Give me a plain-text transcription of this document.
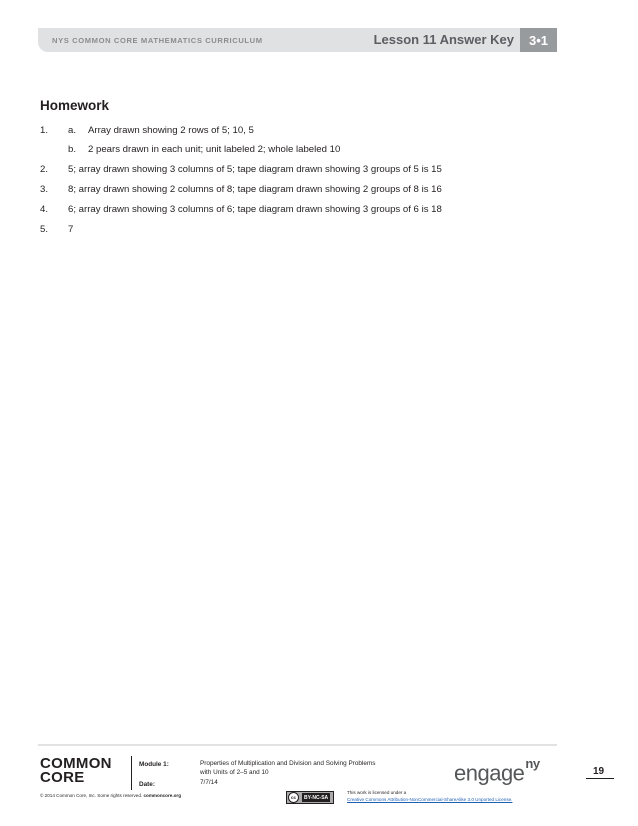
NYS COMMON CORE MATHEMATICS CURRICULUM	Lesson 11 Answer Key	3•1
Homework
1. a. Array drawn showing 2 rows of 5; 10, 5
b. 2 pears drawn in each unit; unit labeled 2; whole labeled 10
2. 5; array drawn showing 3 columns of 5; tape diagram drawn showing 3 groups of 5 is 15
3. 8; array drawn showing 2 columns of 8; tape diagram drawn showing 2 groups of 8 is 16
4. 6; array drawn showing 3 columns of 6; tape diagram drawn showing 3 groups of 6 is 18
5. 7
COMMON
CORE
Module 1:	Properties of Multiplication and Division and Solving Problems
with Units of 2–5 and 10
Date:	7/7/14	engage$^{ny}$
19
© 2014 Common Core, Inc. Some rights reserved. commoncore.org	cc	BY-NC-SA
This work is licensed under a
Creative Commons Attribution-NonCommercial-ShareAlike 3.0 Unported License.
